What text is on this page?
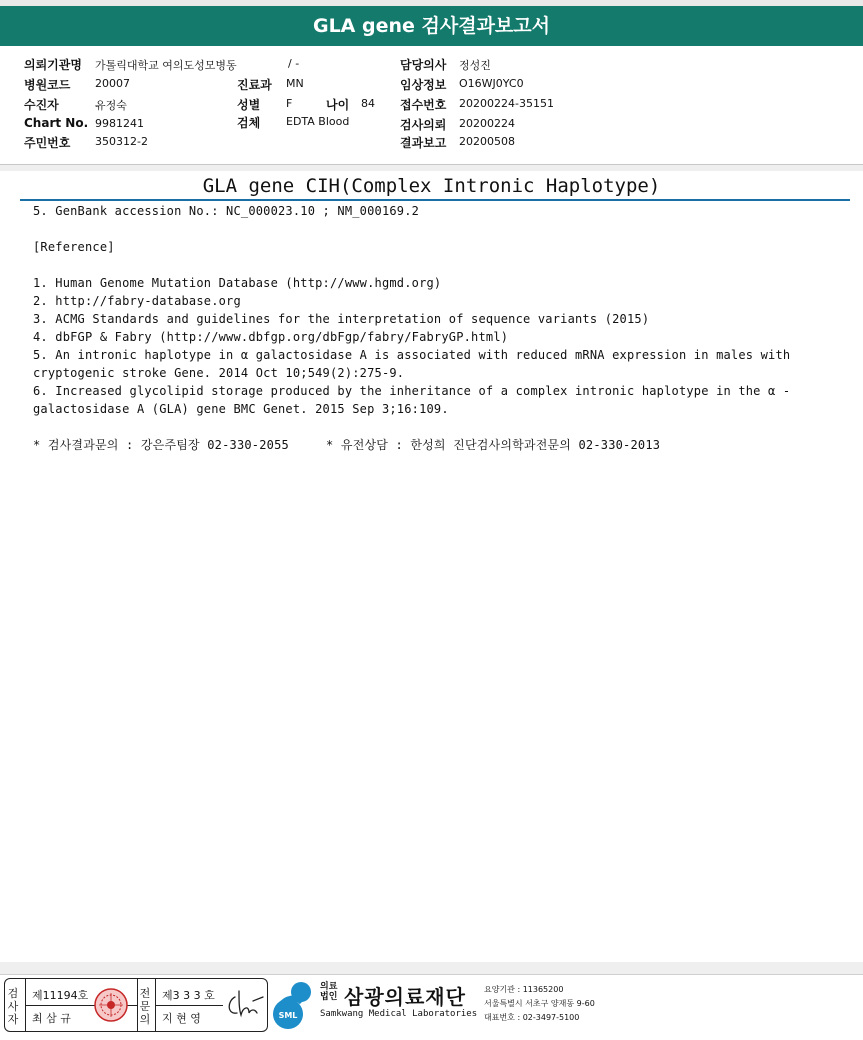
GLA gene 검사결과보고서
의뢰기관명 가톨릭대학교 여의도성모병동	/ -	담당의사 정성진
병원코드 20007	진료과 MN	임상정보 O16WJ0YC0
수진자	유정숙	성별 F	나이 84 접수번호 20200224-35151
Chart No. 9981241	검체 EDTA Blood	검사의뢰 20200224
주민번호 350312-2	결과보고 20200508
GLA gene CIH(Complex Intronic Haplotype)
5. GenBank accession No.: NC_000023.10 ; NM_000169.2
[Reference]
1. Human Genome Mutation Database (http://www.hgmd.org)
2. http://fabry-database.org
3. ACMG Standards and guidelines for the interpretation of sequence variants (2015)
4. dbFGP & Fabry (http://www.dbfgp.org/dbFgp/fabry/FabryGP.html)
5. An intronic haplotype in α galactosidase A is associated with reduced mRNA expression in males with cryptogenic stroke Gene. 2014 Oct 10;549(2):275-9.
6. Increased glycolipid storage produced by the inheritance of a complex intronic haplotype in the α -galactosidase A (GLA) gene BMC Genet. 2015 Sep 3;16:109.
* 검사결과문의 : 강은주팀장 02-330-2055     * 유전상담 : 한성희 진단검사의학과전문의 02-330-2013
검사자
제11194호
최 삼 규
전문의
제3 3 3 호
지 현 영	SML
의료
법인 삼광의료재단
Samkwang Medical Laboratories
요양기관 : 11365200
서울특별시 서초구 양재동 9-60
대표번호 : 02-3497-5100
